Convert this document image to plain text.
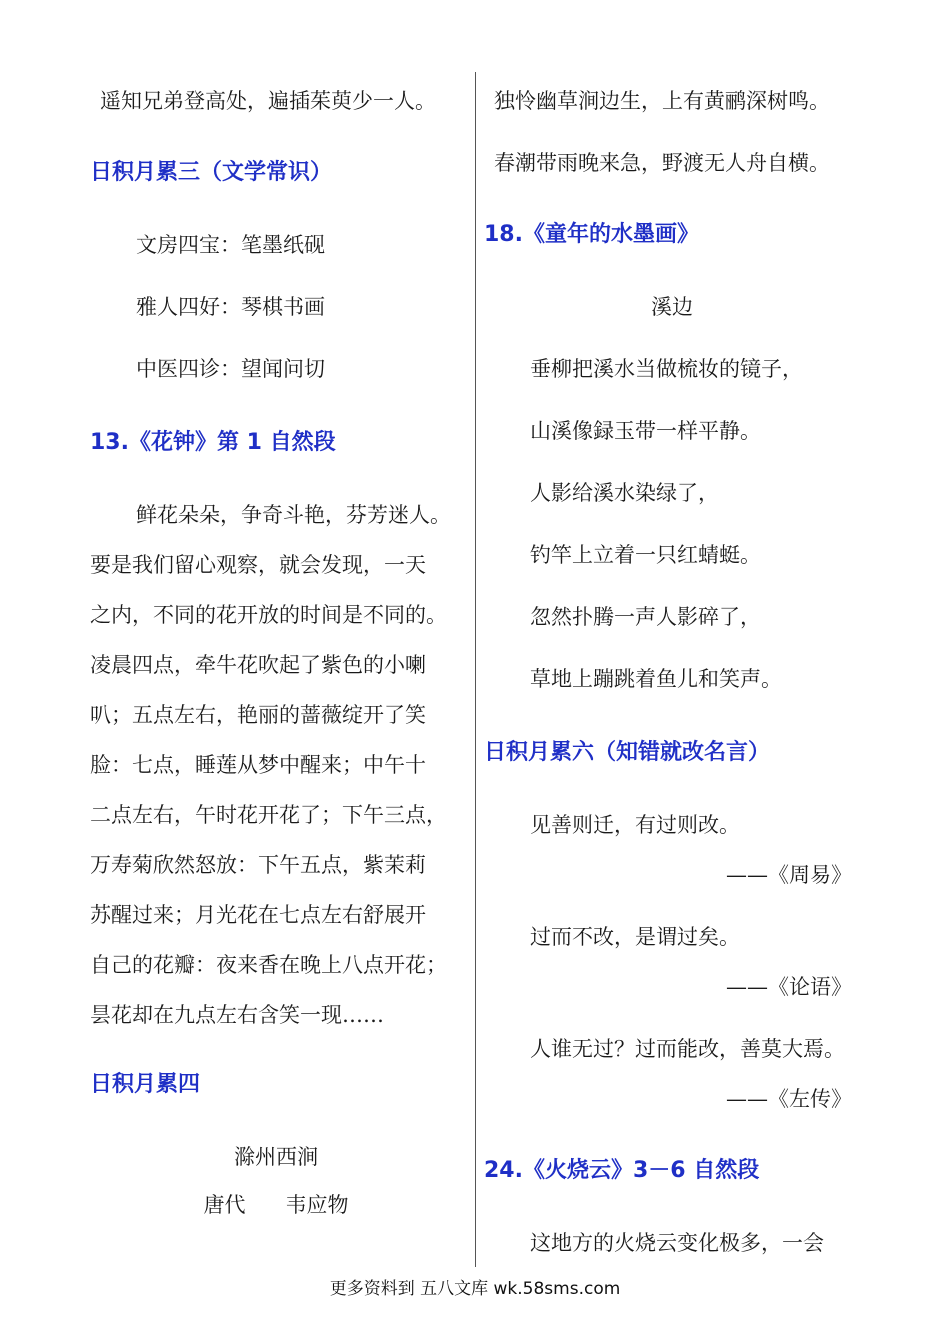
遥知兄弟登高处，遍插茱萸少一人。
日积月累三（文学常识）
文房四宝：笔墨纸砚
雅人四好：琴棋书画
中医四诊：望闻问切
13.《花钟》第 1 自然段
鲜花朵朵，争奇斗艳，芬芳迷人。
要是我们留心观察，就会发现，一天
之内，不同的花开放的时间是不同的。
凌晨四点，牵牛花吹起了紫色的小喇
叭；五点左右，艳丽的蔷薇绽开了笑
脸：七点，睡莲从梦中醒来；中午十
二点左右，午时花开花了；下午三点，
万寿菊欣然怒放：下午五点，紫茉莉
苏醒过来；月光花在七点左右舒展开
自己的花瓣：夜来香在晚上八点开花；
昙花却在九点左右含笑一现……
日积月累四
滁州西涧
唐代      韦应物
独怜幽草涧边生，上有黄鹂深树鸣。
春潮带雨晚来急，野渡无人舟自横。
18.《童年的水墨画》
溪边
垂柳把溪水当做梳妆的镜子，
山溪像録玉带一样平静。
人影给溪水染绿了，
钓竿上立着一只红蜻蜓。
忽然扑腾一声人影碎了，
草地上蹦跳着鱼儿和笑声。
日积月累六（知错就改名言）
见善则迁，有过则改。
——《周易》
过而不改，是谓过矣。
——《论语》
人谁无过？过而能改，善莫大焉。
——《左传》
24.《火烧云》3－6 自然段
这地方的火烧云变化极多，一会
更多资料到 五八文库 wk.58sms.com
